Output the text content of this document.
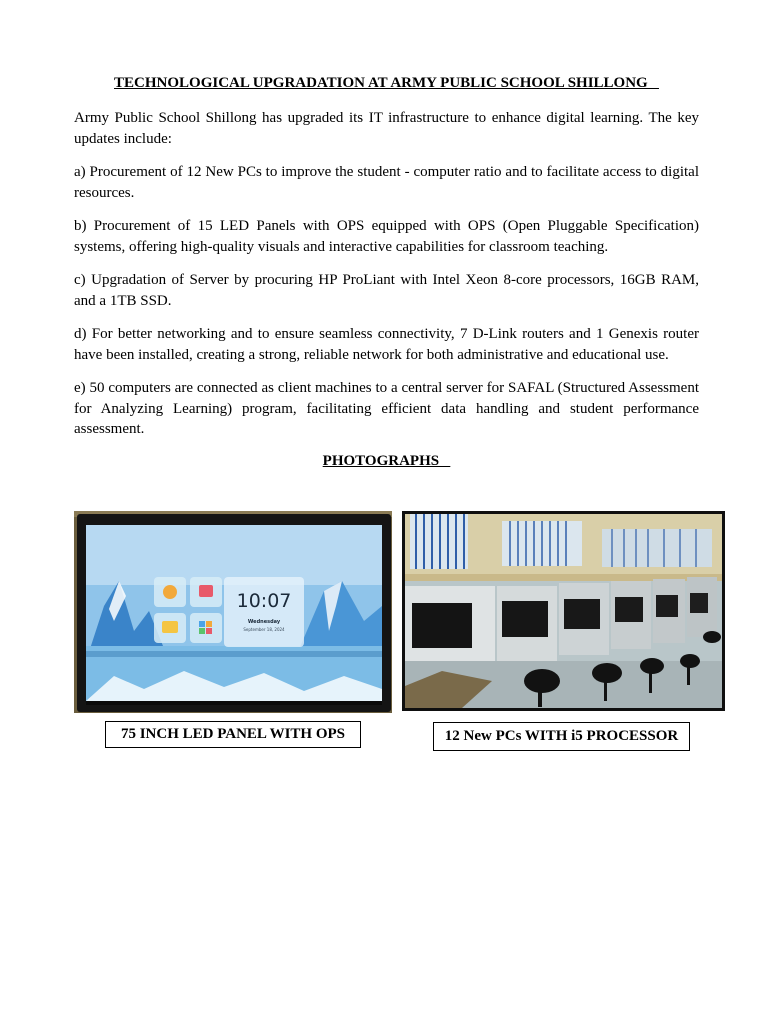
TECHNOLOGICAL UPGRADATION AT ARMY PUBLIC SCHOOL SHILLONG

Army Public School Shillong has upgraded its IT infrastructure to enhance digital learning. The key updates include:

a) Procurement of 12 New PCs to improve the student - computer ratio and to facilitate access to digital resources.

b) Procurement of 15 LED Panels with OPS equipped with OPS (Open Pluggable Specification) systems, offering high-quality visuals and interactive capabilities for classroom teaching.

c) Upgradation of Server by procuring HP ProLiant with Intel Xeon 8-core processors, 16GB RAM, and a 1TB SSD.

d) For better networking and to ensure seamless connectivity, 7 D-Link routers and 1 Genexis router have been installed, creating a strong, reliable network for both administrative and educational use.

e) 50 computers are connected as client machines to a central server for SAFAL (Structured Assessment for Analyzing Learning) program, facilitating efficient data handling and student performance assessment.

PHOTOGRAPHS
10:07
Wednesday
September 18, 2024
75 INCH LED PANEL WITH OPS	12 New PCs WITH i5 PROCESSOR
